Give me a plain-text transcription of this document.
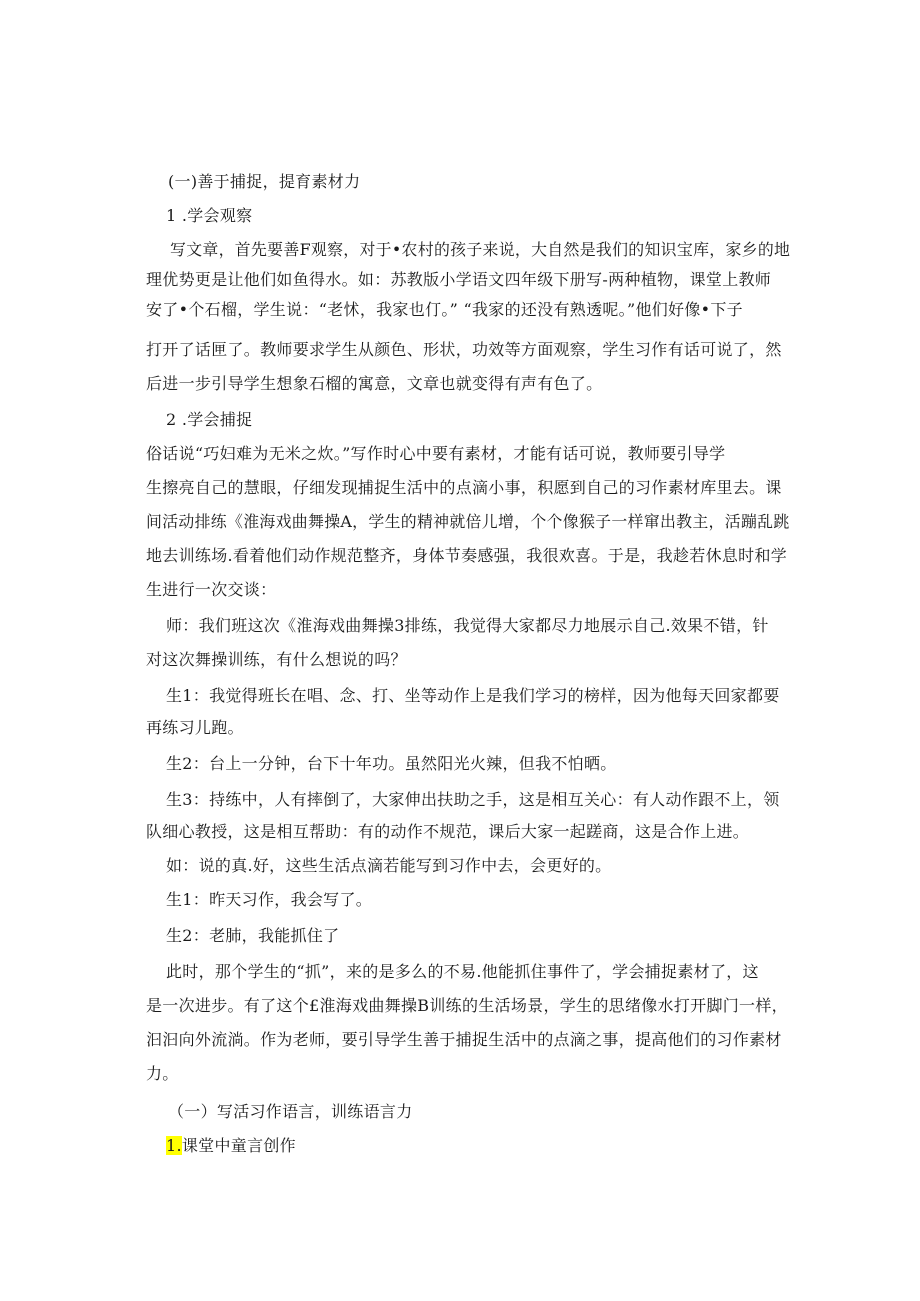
(一)善于捕捉，提育素材力
1 .学会观察
写文章，首先要善F观察，对于•农村的孩子来说，大自然是我们的知识宝库，家乡的地
理优势更是让他们如鱼得水。如：苏教版小学语文四年级下册写-两种植物，课堂上教师
安了•个石榴，学生说：“老怵，我家也仃。” “我家的还没有熟透呢。”他们好像•下子
打开了话匣了。教师要求学生从颜色、形状，功效等方面观察，学生习作有话可说了，然
后进一步引导学生想象石榴的寓意，文章也就变得有声有色了。
2 .学会捕捉
俗话说“巧妇难为无米之炊。”写作时心中要有素材，才能有话可说，教师要引导学
生擦亮自己的慧眼，仔细发现捕捉生活中的点滴小事，积愿到自己的习作素材库里去。课
间活动排练《淮海戏曲舞操A，学生的精神就倍儿增，个个像猴子一样窜出教主，活蹦乱跳
地去训练场.看着他们动作规范整齐，身体节奏感强，我很欢喜。于是，我趁若休息时和学
生进行一次交谈：
师：我们班这次《淮海戏曲舞操3排练，我觉得大家都尽力地展示自己.效果不错，针
对这次舞操训练，有什么想说的吗？
生1：我觉得班长在唱、念、打、坐等动作上是我们学习的榜样，因为他每天回家都要
再练习儿跑。
生2：台上一分钟，台下十年功。虽然阳光火辣，但我不怕晒。
生3：持练中，人有摔倒了，大家伸出扶助之手，这是相互关心：有人动作跟不上，领
队细心教授，这是相互帮助：有的动作不规范，课后大家一起蹉商，这是合作上进。
如：说的真.好，这些生活点滴若能写到习作中去，会更好的。
生1：昨天习作，我会写了。
生2：老肺，我能抓住了
此时，那个学生的“抓”，来的是多么的不易.他能抓住事件了，学会捕捉素材了，这
是一次进步。有了这个£淮海戏曲舞操B训练的生活场景，学生的思绪像水打开脚门一样，
汩汩向外流淌。作为老师，要引导学生善于捕捉生活中的点滴之事，提高他们的习作素材
力。
（一）写活习作语言，训练语言力
1.课堂中童言创作
